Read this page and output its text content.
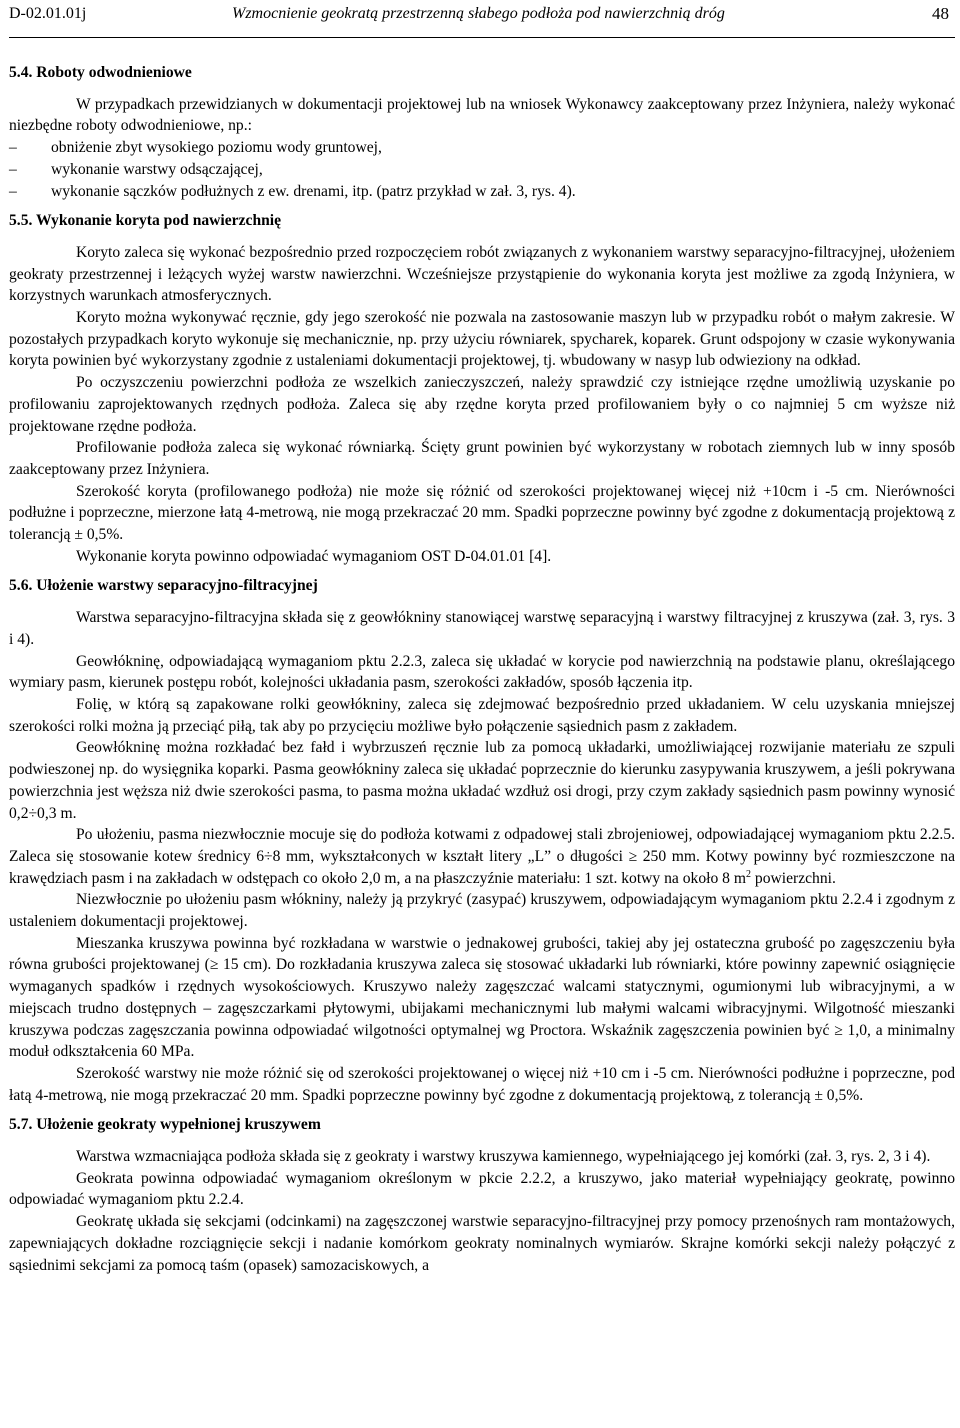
D-02.01.01j	Wzmocnienie geokratą przestrzenną słabego podłoża pod nawierzchnią dróg	48
5.4. Roboty odwodnieniowe

W przypadkach przewidzianych w dokumentacji projektowej lub na wniosek Wykonawcy zaakceptowany przez Inżyniera, należy wykonać niezbędne roboty odwodnieniowe, np.:

– obniżenie zbyt wysokiego poziomu wody gruntowej,
– wykonanie warstwy odsączającej,
– wykonanie sączków podłużnych z ew. drenami, itp. (patrz przykład w zał. 3, rys. 4).
5.5. Wykonanie koryta pod nawierzchnię

Koryto zaleca się wykonać bezpośrednio przed rozpoczęciem robót związanych z wykonaniem warstwy separacyjno-filtracyjnej, ułożeniem geokraty przestrzennej i leżących wyżej warstw nawierzchni. Wcześniejsze przystąpienie do wykonania koryta jest możliwe za zgodą Inżyniera, w korzystnych warunkach atmosferycznych.

Koryto można wykonywać ręcznie, gdy jego szerokość nie pozwala na zastosowanie maszyn lub w przypadku robót o małym zakresie. W pozostałych przypadkach koryto wykonuje się mechanicznie, np. przy użyciu równiarek, spycharek, koparek. Grunt odspojony w czasie wykonywania koryta powinien być wykorzystany zgodnie z ustaleniami dokumentacji projektowej, tj. wbudowany w nasyp lub odwieziony na odkład.

Po oczyszczeniu powierzchni podłoża ze wszelkich zanieczyszczeń, należy sprawdzić czy istniejące rzędne umożliwią uzyskanie po profilowaniu zaprojektowanych rzędnych podłoża. Zaleca się aby rzędne koryta przed profilowaniem były o co najmniej 5 cm wyższe niż projektowane rzędne podłoża.

Profilowanie podłoża zaleca się wykonać równiarką. Ścięty grunt powinien być wykorzystany w robotach ziemnych lub w inny sposób zaakceptowany przez Inżyniera.

Szerokość koryta (profilowanego podłoża) nie może się różnić od szerokości projektowanej więcej niż +10cm i -5 cm. Nierówności podłużne i poprzeczne, mierzone łatą 4-metrową, nie mogą przekraczać 20 mm. Spadki poprzeczne powinny być zgodne z dokumentacją projektową z tolerancją ± 0,5%.

Wykonanie koryta powinno odpowiadać wymaganiom OST D-04.01.01 [4].

5.6. Ułożenie warstwy separacyjno-filtracyjnej

Warstwa separacyjno-filtracyjna składa się z geowłókniny stanowiącej warstwę separacyjną i warstwy filtracyjnej z kruszywa (zał. 3, rys. 3 i 4).

Geowłókninę, odpowiadającą wymaganiom pktu 2.2.3, zaleca się układać w korycie pod nawierzchnią na podstawie planu, określającego wymiary pasm, kierunek postępu robót, kolejności układania pasm, szerokości zakładów, sposób łączenia itp.

Folię, w którą są zapakowane rolki geowłókniny, zaleca się zdejmować bezpośrednio przed układaniem. W celu uzyskania mniejszej szerokości rolki można ją przeciąć piłą, tak aby po przycięciu możliwe było połączenie sąsiednich pasm z zakładem.

Geowłókninę można rozkładać bez fałd i wybrzuszeń ręcznie lub za pomocą układarki, umożliwiającej rozwijanie materiału ze szpuli podwieszonej np. do wysięgnika koparki. Pasma geowłókniny zaleca się układać poprzecznie do kierunku zasypywania kruszywem, a jeśli pokrywana powierzchnia jest węższa niż dwie szerokości pasma, to pasma można układać wzdłuż osi drogi, przy czym zakłady sąsiednich pasm powinny wynosić 0,2÷0,3 m.

Po ułożeniu, pasma niezwłocznie mocuje się do podłoża kotwami z odpadowej stali zbrojeniowej, odpowiadającej wymaganiom pktu 2.2.5. Zaleca się stosowanie kotew średnicy 6÷8 mm, wykształconych w kształt litery „L” o długości ≥ 250 mm. Kotwy powinny być rozmieszczone na krawędziach pasm i na zakładach w odstępach co około 2,0 m, a na płaszczyźnie materiału: 1 szt. kotwy na około 8 $m^2$ powierzchni.

Niezwłocznie po ułożeniu pasm włókniny, należy ją przykryć (zasypać) kruszywem, odpowiadającym wymaganiom pktu 2.2.4 i zgodnym z ustaleniem dokumentacji projektowej.

Mieszanka kruszywa powinna być rozkładana w warstwie o jednakowej grubości, takiej aby jej ostateczna grubość po zagęszczeniu była równa grubości projektowanej (≥ 15 cm). Do rozkładania kruszywa zaleca się stosować układarki lub równiarki, które powinny zapewnić osiągnięcie wymaganych spadków i rzędnych wysokościowych. Kruszywo należy zagęszczać walcami statycznymi, ogumionymi lub wibracyjnymi, a w miejscach trudno dostępnych – zagęszczarkami płytowymi, ubijakami mechanicznymi lub małymi walcami wibracyjnymi. Wilgotność mieszanki kruszywa podczas zagęszczania powinna odpowiadać wilgotności optymalnej wg Proctora. Wskaźnik zagęszczenia powinien być ≥ 1,0, a minimalny moduł odkształcenia 60 MPa.

Szerokość warstwy nie może różnić się od szerokości projektowanej o więcej niż +10 cm i -5 cm. Nierówności podłużne i poprzeczne, pod łatą 4-metrową, nie mogą przekraczać 20 mm. Spadki poprzeczne powinny być zgodne z dokumentacją projektową, z tolerancją ± 0,5%.

5.7. Ułożenie geokraty wypełnionej kruszywem

Warstwa wzmacniająca podłoża składa się z geokraty i warstwy kruszywa kamiennego, wypełniającego jej komórki (zał. 3, rys. 2, 3 i 4).

Geokrata powinna odpowiadać wymaganiom określonym w pkcie 2.2.2, a kruszywo, jako materiał wypełniający geokratę, powinno odpowiadać wymaganiom pktu 2.2.4.

Geokratę układa się sekcjami (odcinkami) na zagęszczonej warstwie separacyjno-filtracyjnej przy pomocy przenośnych ram montażowych, zapewniających dokładne rozciągnięcie sekcji i nadanie komórkom geokraty nominalnych wymiarów. Skrajne komórki sekcji należy połączyć z sąsiednimi sekcjami za pomocą taśm (opasek) samozaciskowych, a
